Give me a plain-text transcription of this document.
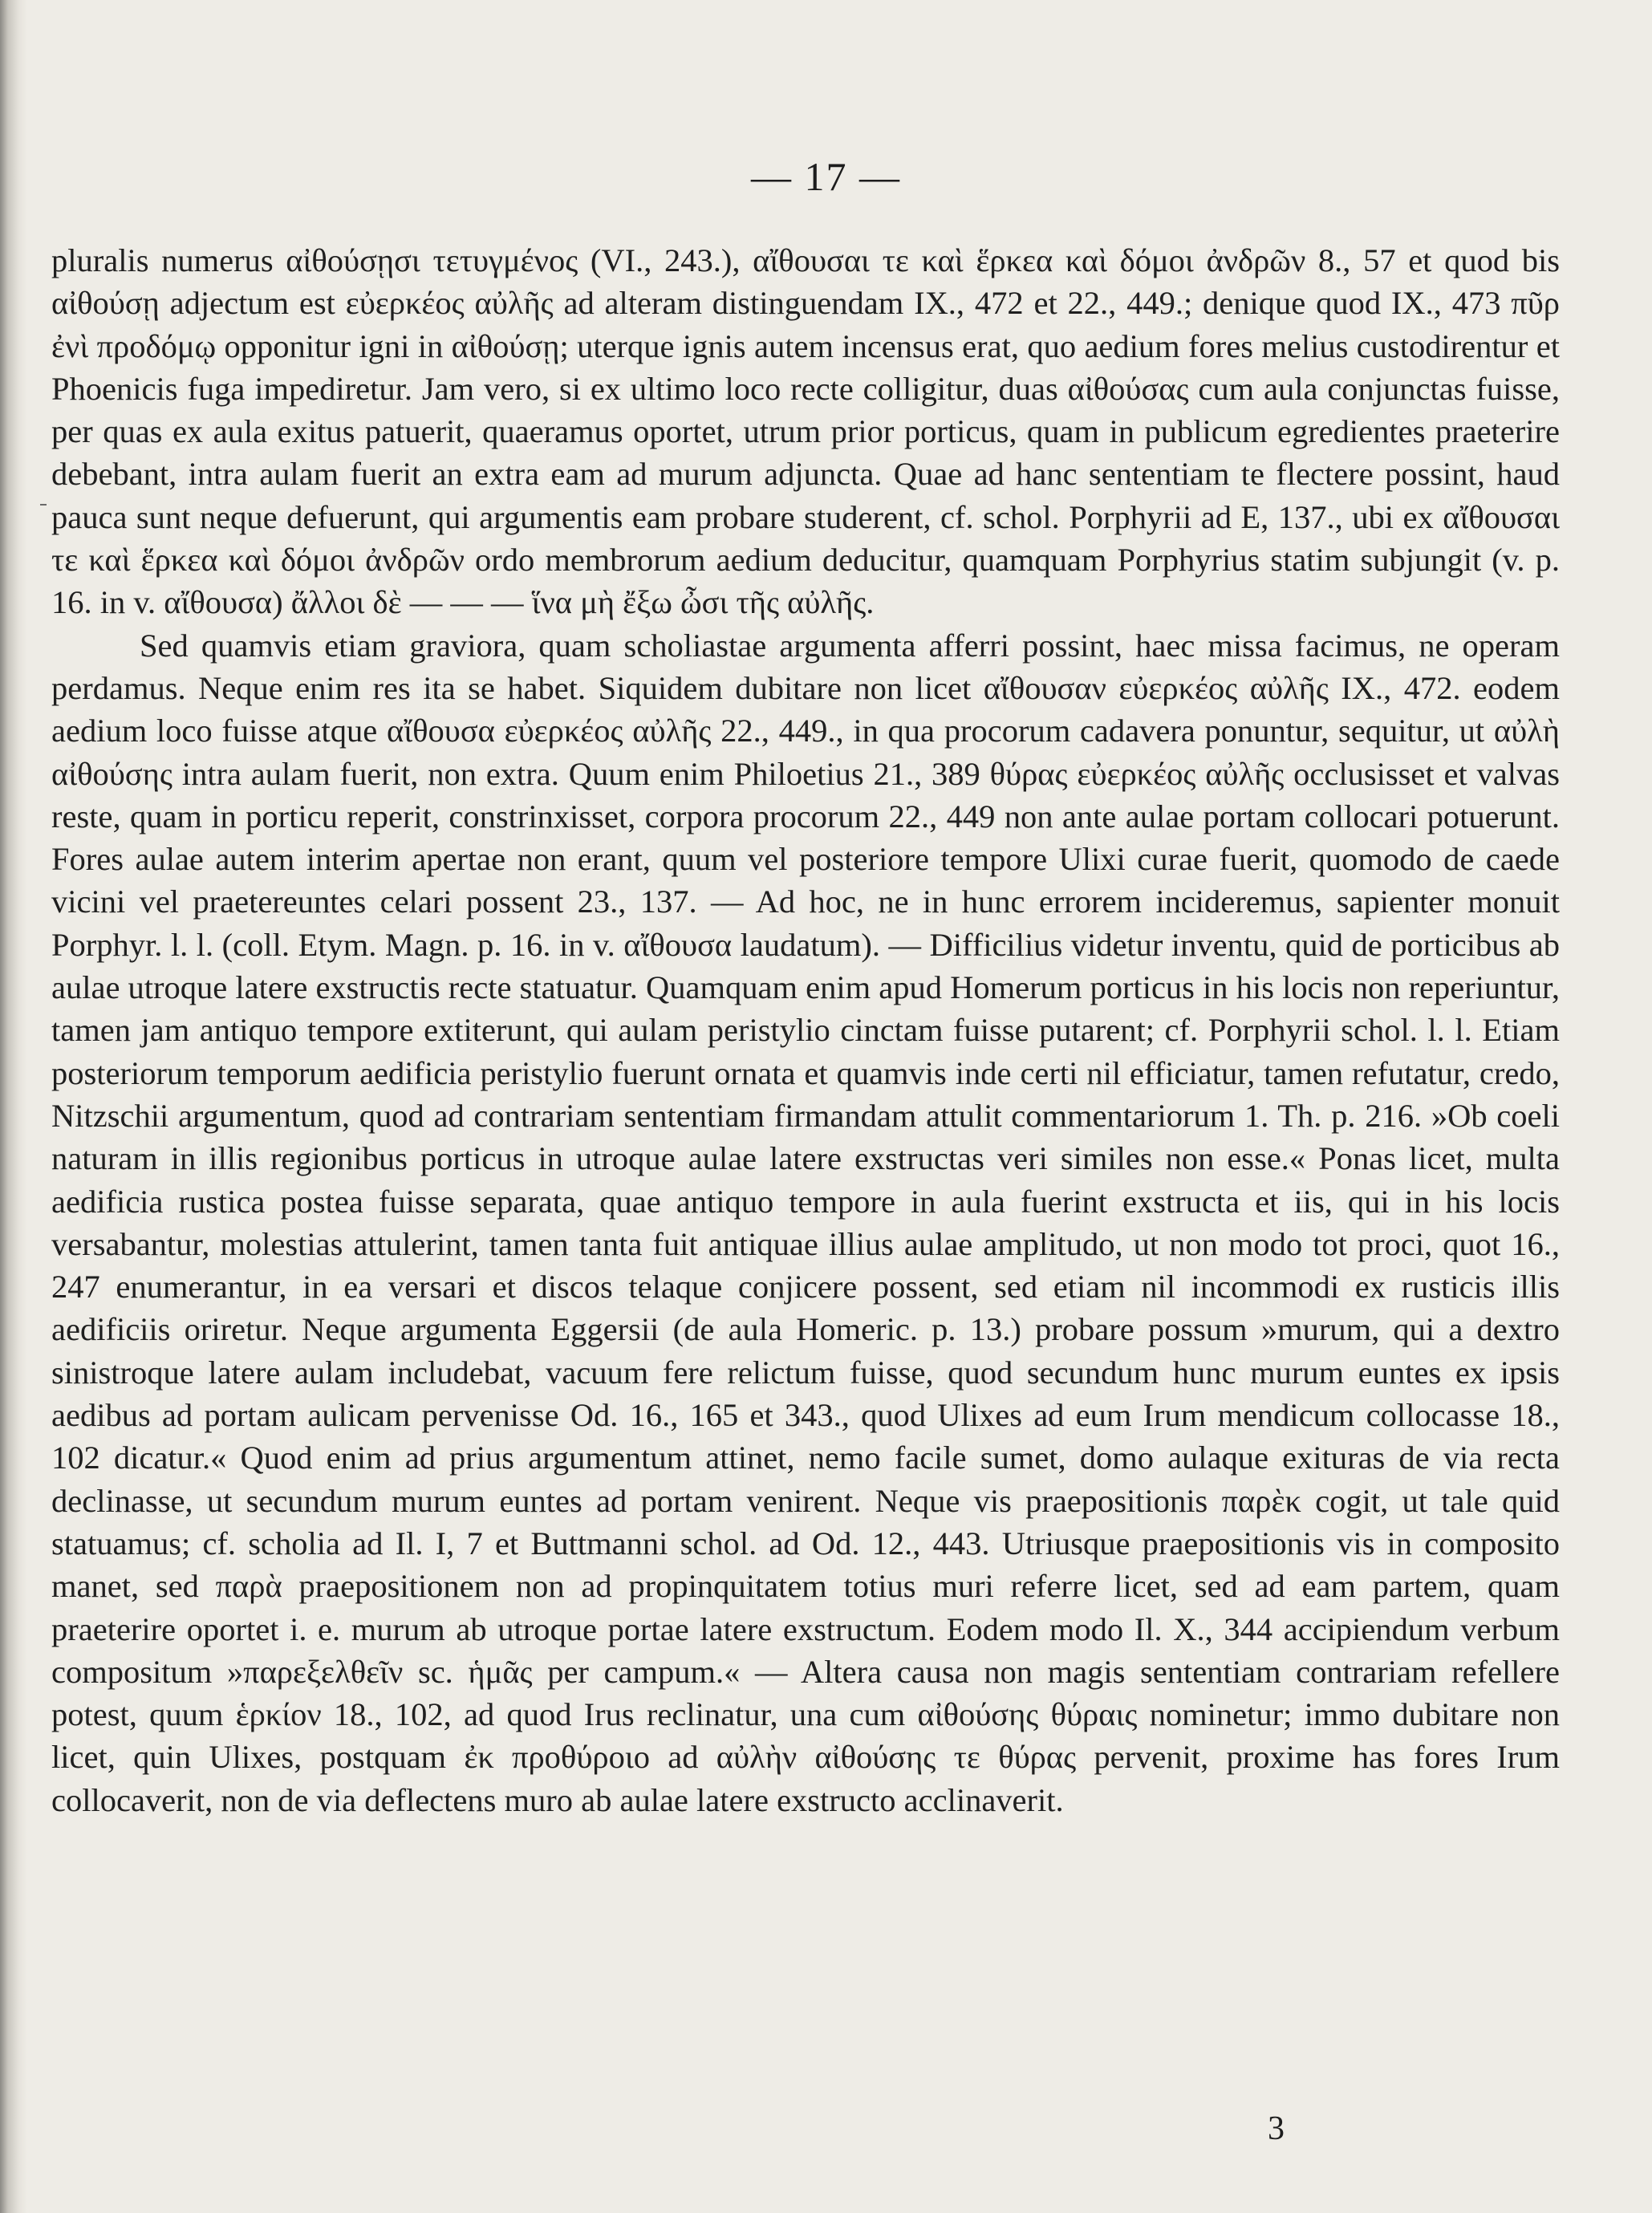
— 17 —

pluralis numerus αἰθούσῃσι τετυγμένος (VI., 243.), αἴθουσαι τε καὶ ἕρκεα καὶ δόμοι ἀνδρῶν 8., 57 et quod bis αἰθούσῃ adjectum est εὐερκέος αὐλῆς ad alteram distinguendam IX., 472 et 22., 449.; denique quod IX., 473 πῦρ ἐνὶ προδόμῳ opponitur igni in αἰθούσῃ; uterque ignis autem incensus erat, quo aedium fores melius custodirentur et Phoenicis fuga impediretur. Jam vero, si ex ultimo loco recte colligitur, duas αἰθούσας cum aula conjunctas fuisse, per quas ex aula exitus patuerit, quaeramus oportet, utrum prior porticus, quam in publicum egredientes praeterire debebant, intra aulam fuerit an extra eam ad murum adjuncta. Quae ad hanc sententiam te flectere possint, haud pauca sunt neque defuerunt, qui argumentis eam probare studerent, cf. schol. Porphyrii ad E, 137., ubi ex αἴθουσαι τε καὶ ἕρκεα καὶ δόμοι ἀνδρῶν ordo membrorum aedium deducitur, quamquam Porphyrius statim subjungit (v. p. 16. in v. αἴθουσα) ἄλλοι δὲ — — — ἵνα μὴ ἔξω ὦσι τῆς αὐλῆς.

Sed quamvis etiam graviora, quam scholiastae argumenta afferri possint, haec missa facimus, ne operam perdamus. Neque enim res ita se habet. Siquidem dubitare non licet αἴθουσαν εὐερκέος αὐλῆς IX., 472. eodem aedium loco fuisse atque αἴθουσα εὐερκέος αὐλῆς 22., 449., in qua procorum cadavera ponuntur, sequitur, ut αὐλὴ αἰθούσης intra aulam fuerit, non extra. Quum enim Philoetius 21., 389 θύρας εὐερκέος αὐλῆς occlusisset et valvas reste, quam in porticu reperit, constrinxisset, corpora procorum 22., 449 non ante aulae portam collocari potuerunt. Fores aulae autem interim apertae non erant, quum vel posteriore tempore Ulixi curae fuerit, quomodo de caede vicini vel praetereuntes celari possent 23., 137. — Ad hoc, ne in hunc errorem incideremus, sapienter monuit Porphyr. l. l. (coll. Etym. Magn. p. 16. in v. αἴθουσα laudatum). — Difficilius videtur inventu, quid de porticibus ab aulae utroque latere exstructis recte statuatur. Quamquam enim apud Homerum porticus in his locis non reperiuntur, tamen jam antiquo tempore extiterunt, qui aulam peristylio cinctam fuisse putarent; cf. Porphyrii schol. l. l. Etiam posteriorum temporum aedificia peristylio fuerunt ornata et quamvis inde certi nil efficiatur, tamen refutatur, credo, Nitzschii argumentum, quod ad contrariam sententiam firmandam attulit commentariorum 1. Th. p. 216. »Ob coeli naturam in illis regionibus porticus in utroque aulae latere exstructas veri similes non esse.« Ponas licet, multa aedificia rustica postea fuisse separata, quae antiquo tempore in aula fuerint exstructa et iis, qui in his locis versabantur, molestias attulerint, tamen tanta fuit antiquae illius aulae amplitudo, ut non modo tot proci, quot 16., 247 enumerantur, in ea versari et discos telaque conjicere possent, sed etiam nil incommodi ex rusticis illis aedificiis oriretur. Neque argumenta Eggersii (de aula Homeric. p. 13.) probare possum »murum, qui a dextro sinistroque latere aulam includebat, vacuum fere relictum fuisse, quod secundum hunc murum euntes ex ipsis aedibus ad portam aulicam pervenisse Od. 16., 165 et 343., quod Ulixes ad eum Irum mendicum collocasse 18., 102 dicatur.« Quod enim ad prius argumentum attinet, nemo facile sumet, domo aulaque exituras de via recta declinasse, ut secundum murum euntes ad portam venirent. Neque vis praepositionis παρὲκ cogit, ut tale quid statuamus; cf. scholia ad Il. I, 7 et Buttmanni schol. ad Od. 12., 443. Utriusque praepositionis vis in composito manet, sed παρὰ praepositionem non ad propinquitatem totius muri referre licet, sed ad eam partem, quam praeterire oportet i. e. murum ab utroque portae latere exstructum. Eodem modo Il. X., 344 accipiendum verbum compositum »παρεξελθεῖν sc. ἡμᾶς per campum.« — Altera causa non magis sententiam contrariam refellere potest, quum ἑρκίον 18., 102, ad quod Irus reclinatur, una cum αἰθούσης θύραις nominetur; immo dubitare non licet, quin Ulixes, postquam ἐκ προθύροιο ad αὐλὴν αἰθούσης τε θύρας pervenit, proxime has fores Irum collocaverit, non de via deflectens muro ab aulae latere exstructo acclinaverit.

3
